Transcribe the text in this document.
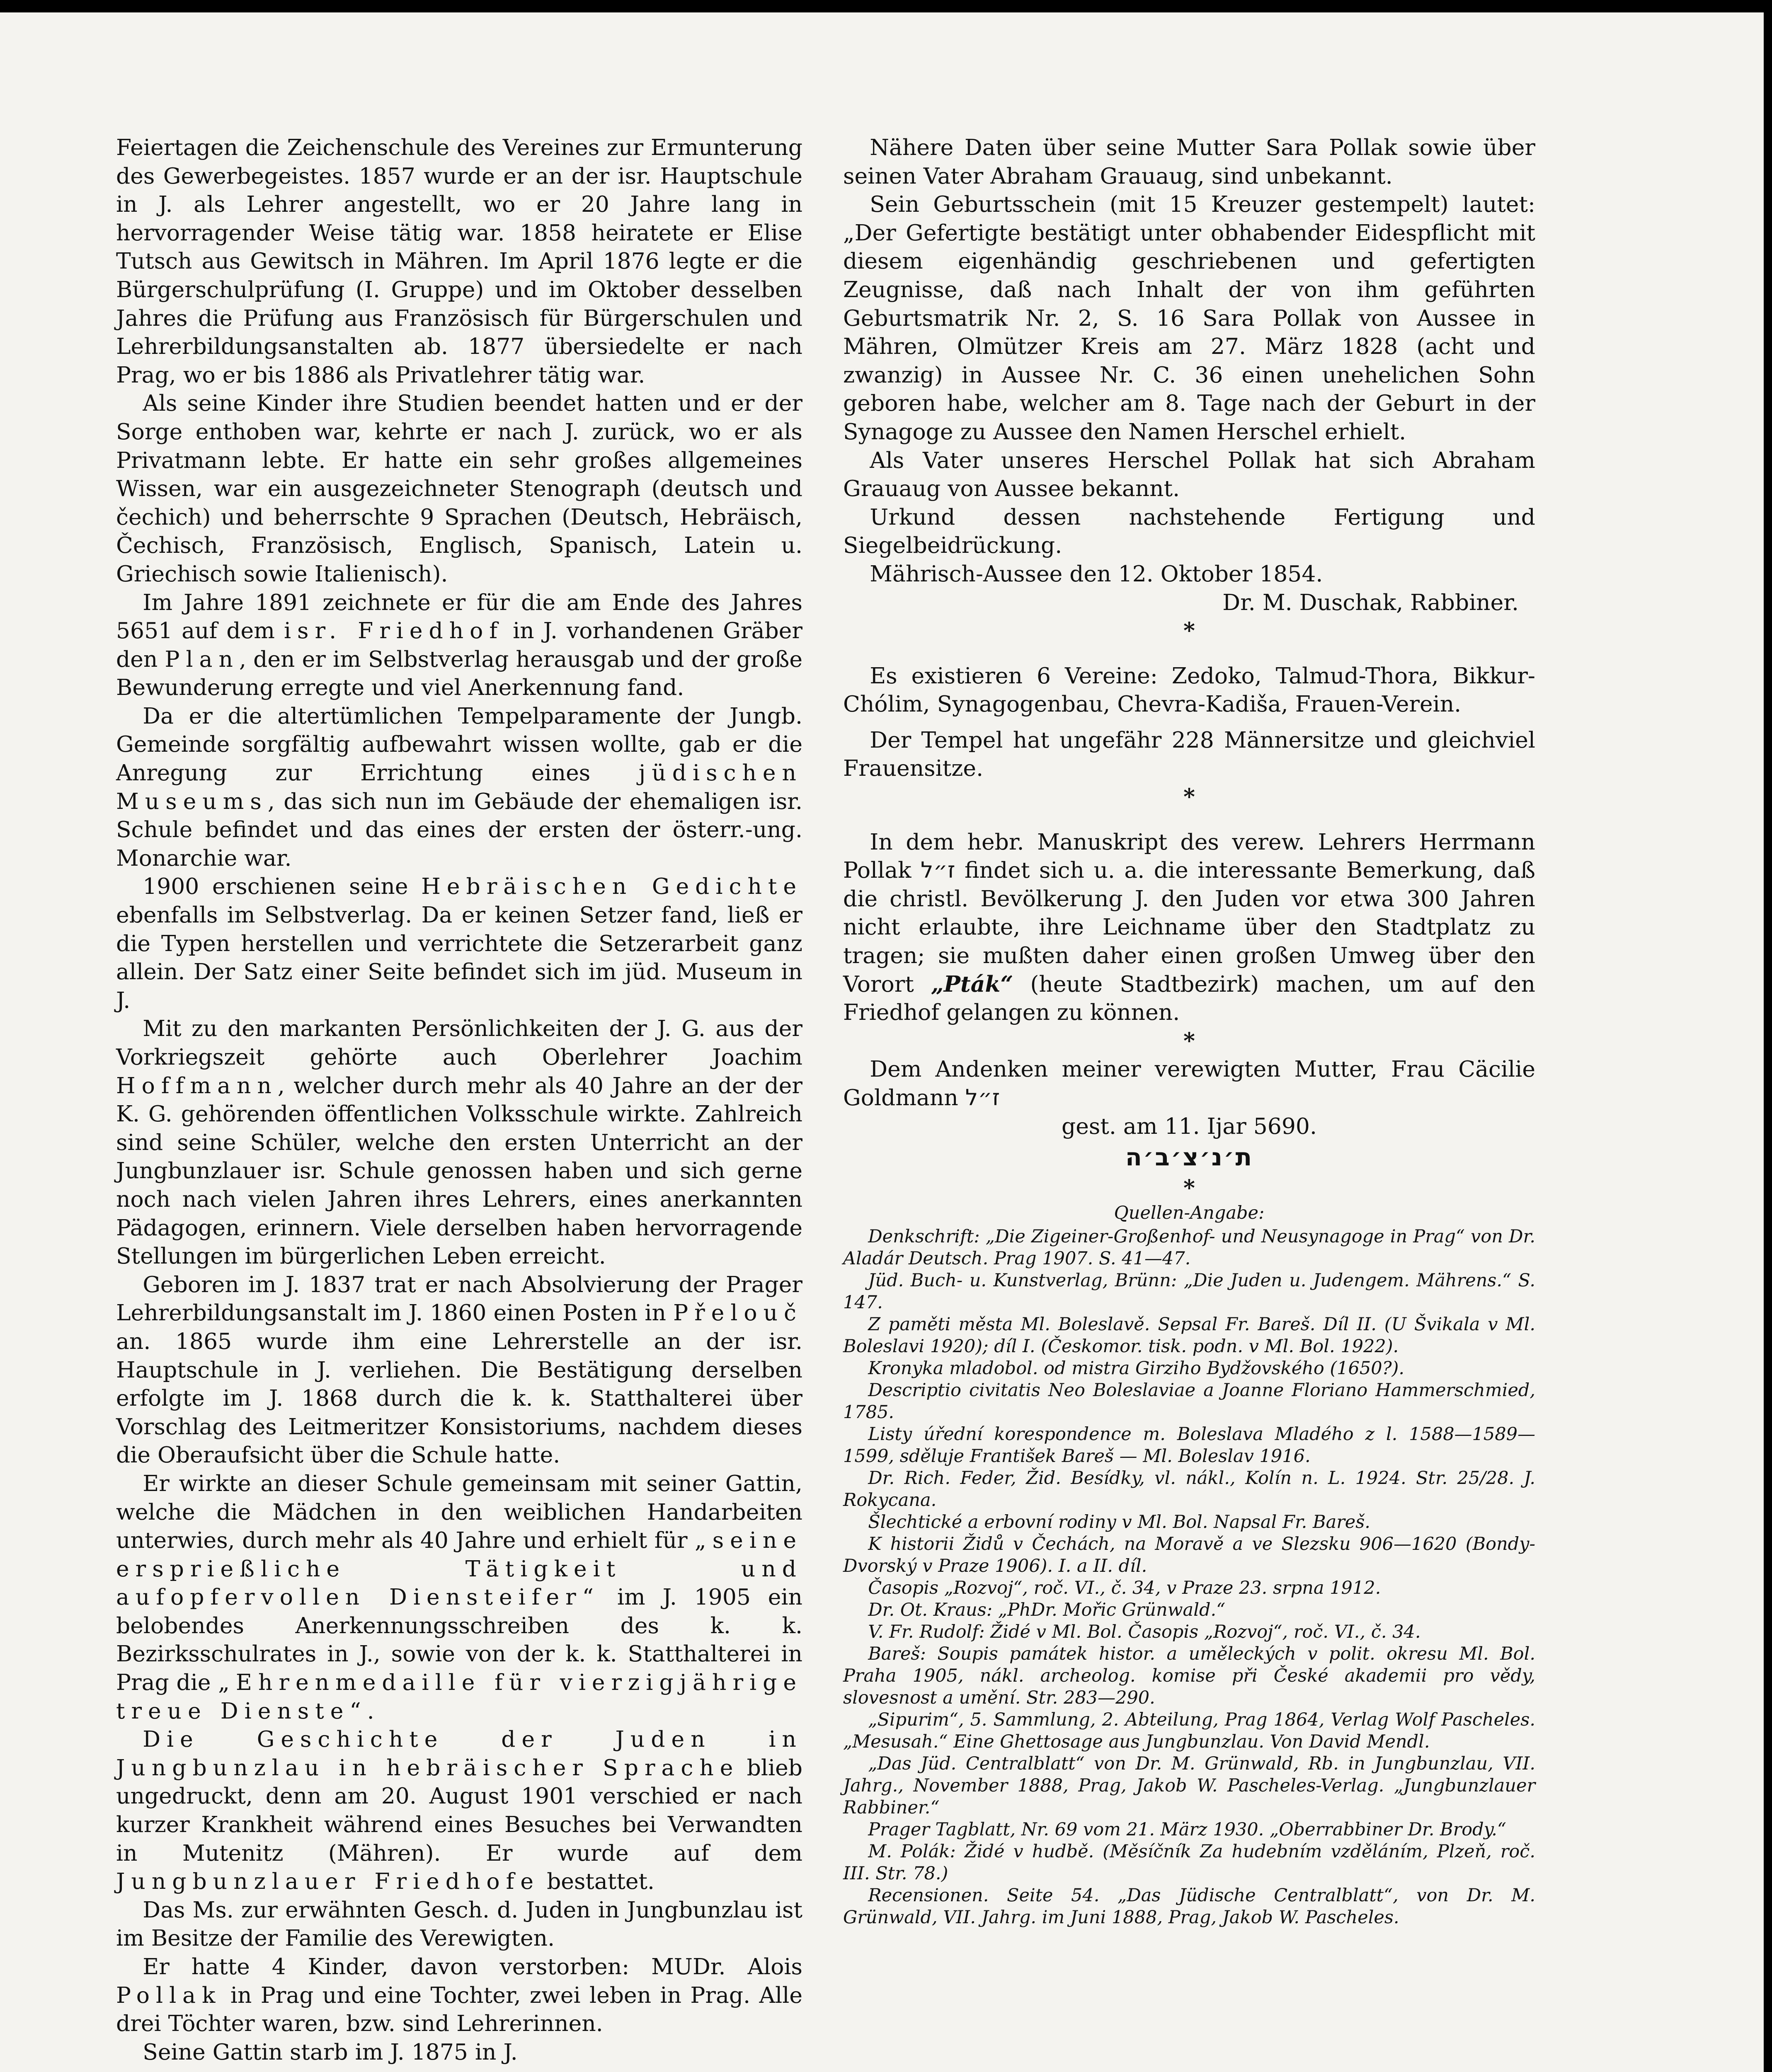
Feiertagen die Zeichenschule des Vereines zur Ermunterung des Gewerbegeistes. 1857 wurde er an der isr. Hauptschule in J. als Lehrer angestellt, wo er 20 Jahre lang in hervorragender Weise tätig war. 1858 heiratete er Elise Tutsch aus Gewitsch in Mähren. Im April 1876 legte er die Bürgerschulprüfung (I. Gruppe) und im Oktober desselben Jahres die Prüfung aus Französisch für Bürgerschulen und Lehrerbildungsanstalten ab. 1877 übersiedelte er nach Prag, wo er bis 1886 als Privatlehrer tätig war.

Als seine Kinder ihre Studien beendet hatten und er der Sorge enthoben war, kehrte er nach J. zurück, wo er als Privatmann lebte. Er hatte ein sehr großes allgemeines Wissen, war ein ausgezeichneter Stenograph (deutsch und čechich) und beherrschte 9 Sprachen (Deutsch, Hebräisch, Čechisch, Französisch, Englisch, Spanisch, Latein u. Griechisch sowie Italienisch).

Im Jahre 1891 zeichnete er für die am Ende des Jahres 5651 auf dem isr. Friedhof in J. vorhandenen Gräber den Plan, den er im Selbstverlag herausgab und der große Bewunderung erregte und viel Anerkennung fand.

Da er die altertümlichen Tempelparamente der Jungb. Gemeinde sorgfältig aufbewahrt wissen wollte, gab er die Anregung zur Errichtung eines jüdischen Museums, das sich nun im Gebäude der ehemaligen isr. Schule befindet und das eines der ersten der österr.-ung. Monarchie war.

1900 erschienen seine Hebräischen Gedichte ebenfalls im Selbstverlag. Da er keinen Setzer fand, ließ er die Typen herstellen und verrichtete die Setzerarbeit ganz allein. Der Satz einer Seite befindet sich im jüd. Museum in J.

Mit zu den markanten Persönlichkeiten der J. G. aus der Vorkriegszeit gehörte auch Oberlehrer Joachim Hoffmann, welcher durch mehr als 40 Jahre an der der K. G. gehörenden öffentlichen Volksschule wirkte. Zahlreich sind seine Schüler, welche den ersten Unterricht an der Jungbunzlauer isr. Schule genossen haben und sich gerne noch nach vielen Jahren ihres Lehrers, eines anerkannten Pädagogen, erinnern. Viele derselben haben hervorragende Stellungen im bürgerlichen Leben erreicht.

Geboren im J. 1837 trat er nach Absolvierung der Prager Lehrerbildungsanstalt im J. 1860 einen Posten in Přelouč an. 1865 wurde ihm eine Lehrerstelle an der isr. Hauptschule in J. verliehen. Die Bestätigung derselben erfolgte im J. 1868 durch die k. k. Statthalterei über Vorschlag des Leitmeritzer Konsistoriums, nachdem dieses die Oberaufsicht über die Schule hatte.

Er wirkte an dieser Schule gemeinsam mit seiner Gattin, welche die Mädchen in den weiblichen Handarbeiten unterwies, durch mehr als 40 Jahre und erhielt für „seine ersprießliche Tätigkeit und aufopfervollen Diensteifer“ im J. 1905 ein belobendes Anerkennungsschreiben des k. k. Bezirksschulrates in J., sowie von der k. k. Statthalterei in Prag die „Ehrenmedaille für vierzigjährige treue Dienste“.

Die Geschichte der Juden in Jungbunzlau in hebräischer Sprache blieb ungedruckt, denn am 20. August 1901 verschied er nach kurzer Krankheit während eines Besuches bei Verwandten in Mutenitz (Mähren). Er wurde auf dem Jungbunzlauer Friedhofe bestattet.

Das Ms. zur erwähnten Gesch. d. Juden in Jungbunzlau ist im Besitze der Familie des Verewigten.

Er hatte 4 Kinder, davon verstorben: MUDr. Alois Pollak in Prag und eine Tochter, zwei leben in Prag. Alle drei Töchter waren, bzw. sind Lehrerinnen.

Seine Gattin starb im J. 1875 in J.

Nähere Daten über seine Mutter Sara Pollak sowie über seinen Vater Abraham Grauaug, sind unbekannt.

Sein Geburtsschein (mit 15 Kreuzer gestempelt) lautet: „Der Gefertigte bestätigt unter obhabender Eidespflicht mit diesem eigenhändig geschriebenen und gefertigten Zeugnisse, daß nach Inhalt der von ihm geführten Geburtsmatrik Nr. 2, S. 16 Sara Pollak von Aussee in Mähren, Olmützer Kreis am 27. März 1828 (acht und zwanzig) in Aussee Nr. C. 36 einen unehelichen Sohn geboren habe, welcher am 8. Tage nach der Geburt in der Synagoge zu Aussee den Namen Herschel erhielt.

Als Vater unseres Herschel Pollak hat sich Abraham Grauaug von Aussee bekannt.

Urkund dessen nachstehende Fertigung und Siegelbeidrückung.

Mährisch-Aussee den 12. Oktober 1854.

Dr. M. Duschak, Rabbiner.

*

Es existieren 6 Vereine: Zedoko, Talmud-Thora, Bikkur-Chólim, Synagogenbau, Chevra-Kadiša, Frauen-Verein.

Der Tempel hat ungefähr 228 Männersitze und gleichviel Frauensitze.

*

In dem hebr. Manuskript des verew. Lehrers Herrmann Pollak ז״ל findet sich u. a. die interessante Bemerkung, daß die christl. Bevölkerung J. den Juden vor etwa 300 Jahren nicht erlaubte, ihre Leichname über den Stadtplatz zu tragen; sie mußten daher einen großen Umweg über den Vorort „Pták“ (heute Stadtbezirk) machen, um auf den Friedhof gelangen zu können.

*

Dem Andenken meiner verewigten Mutter, Frau Cäcilie Goldmann ז״ל

gest. am 11. Ijar 5690.

ת׳נ׳צ׳ב׳ה

*

Quellen-Angabe:

Denkschrift: „Die Zigeiner-Großenhof- und Neusynagoge in Prag“ von Dr. Aladár Deutsch. Prag 1907. S. 41—47.

Jüd. Buch- u. Kunstverlag, Brünn: „Die Juden u. Judengem. Mährens.“ S. 147.

Z paměti města Ml. Boleslavě. Sepsal Fr. Bareš. Díl II. (U Švikala v Ml. Boleslavi 1920); díl I. (Českomor. tisk. podn. v Ml. Bol. 1922).

Kronyka mladobol. od mistra Girziho Bydžovského (1650?).

Descriptio civitatis Neo Boleslaviae a Joanne Floriano Hammerschmied, 1785.

Listy úřední korespondence m. Boleslava Mladého z l. 1588—1589—1599, sděluje František Bareš — Ml. Boleslav 1916.

Dr. Rich. Feder, Žid. Besídky, vl. nákl., Kolín n. L. 1924. Str. 25/28. J. Rokycana.

Šlechtické a erbovní rodiny v Ml. Bol. Napsal Fr. Bareš.

K historii Židů v Čechách, na Moravě a ve Slezsku 906—1620 (Bondy-Dvorský v Praze 1906). I. a II. díl.

Časopis „Rozvoj“, roč. VI., č. 34, v Praze 23. srpna 1912.

Dr. Ot. Kraus: „PhDr. Mořic Grünwald.“

V. Fr. Rudolf: Židé v Ml. Bol. Časopis „Rozvoj“, roč. VI., č. 34.

Bareš: Soupis památek histor. a uměleckých v polit. okresu Ml. Bol. Praha 1905, nákl. archeolog. komise při České akademii pro vědy, slovesnost a umění. Str. 283—290.

„Sipurim“, 5. Sammlung, 2. Abteilung, Prag 1864, Verlag Wolf Pascheles. „Mesusah.“ Eine Ghettosage aus Jungbunzlau. Von David Mendl.

„Das Jüd. Centralblatt“ von Dr. M. Grünwald, Rb. in Jungbunzlau, VII. Jahrg., November 1888, Prag, Jakob W. Pascheles-Verlag. „Jungbunzlauer Rabbiner.“

Prager Tagblatt, Nr. 69 vom 21. März 1930. „Oberrabbiner Dr. Brody.“

M. Polák: Židé v hudbě. (Měsíčník Za hudebním vzděláním, Plzeň, roč. III. Str. 78.)

Recensionen. Seite 54. „Das Jüdische Centralblatt“, von Dr. M. Grünwald, VII. Jahrg. im Juni 1888, Prag, Jakob W. Pascheles.
